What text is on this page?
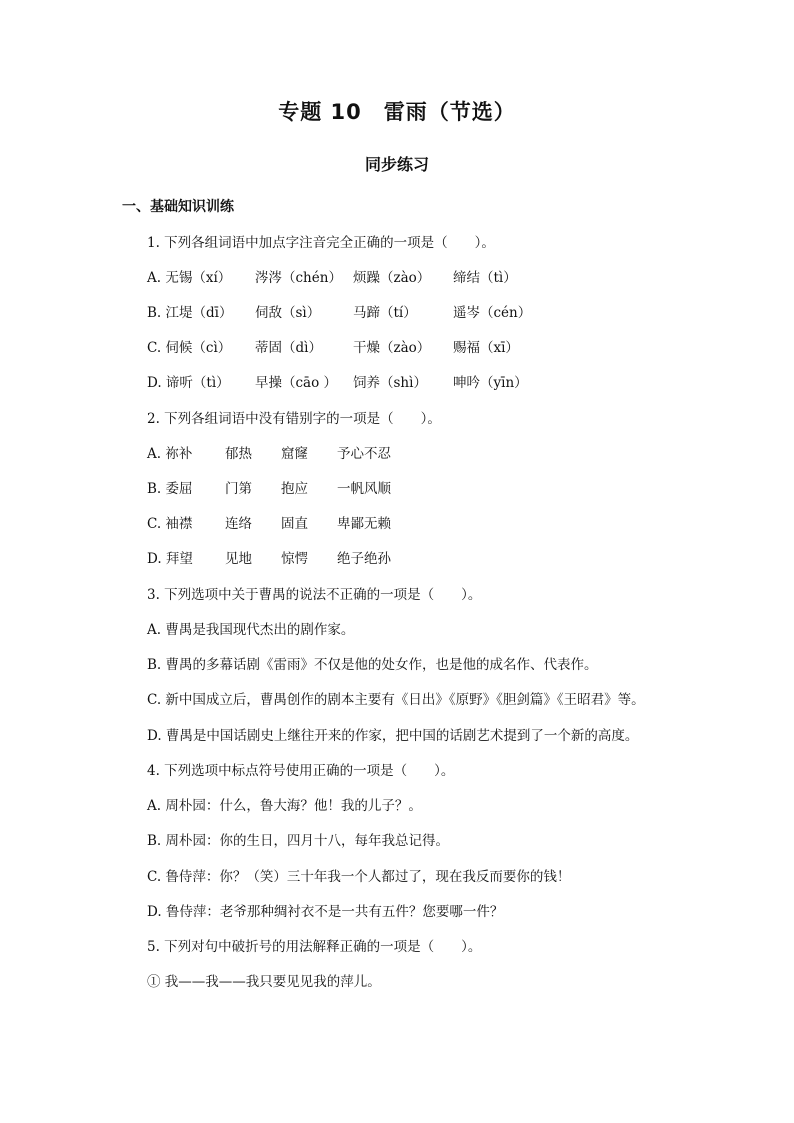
专题 10　雷雨（节选）
同步练习
一、基础知识训练
1. 下列各组词语中加点字注音完全正确的一项是（　　）。
A. 无锡（xí）	涔涔（chén） 烦躁（zào）	缔结（tì）
B. 江堤（dī）	伺敌（sì）	马蹄（tí）	遥岑（cén）
C. 伺候（cì）	蒂固（dì）	干燥（zào）	赐福（xī）
D. 谛听（tì）	早操（cāo ）	饲养（shì）	呻吟（yīn）
2. 下列各组词语中没有错别字的一项是（　　）。
A. 祢补	郁热	窟窿	予心不忍
B. 委屈	门第	抱应	一帆风顺
C. 袖襟	连络	固直	卑鄙无赖
D. 拜望	见地	惊愕	绝子绝孙
3. 下列选项中关于曹禺的说法不正确的一项是（　　）。
A. 曹禺是我国现代杰出的剧作家。
B. 曹禺的多幕话剧《雷雨》不仅是他的处女作，也是他的成名作、代表作。
C. 新中国成立后，曹禺创作的剧本主要有《日出》《原野》《胆剑篇》《王昭君》等。
D. 曹禺是中国话剧史上继往开来的作家，把中国的话剧艺术提到了一个新的高度。
4. 下列选项中标点符号使用正确的一项是（　　）。
A. 周朴园：什么，鲁大海？他！我的儿子？。
B. 周朴园：你的生日，四月十八，每年我总记得。
C. 鲁侍萍：你？（笑）三十年我一个人都过了，现在我反而要你的钱！
D. 鲁侍萍：老爷那种绸衬衣不是一共有五件？您要哪一件？
5. 下列对句中破折号的用法解释正确的一项是（　　）。
① 我——我——我只要见见我的萍儿。
